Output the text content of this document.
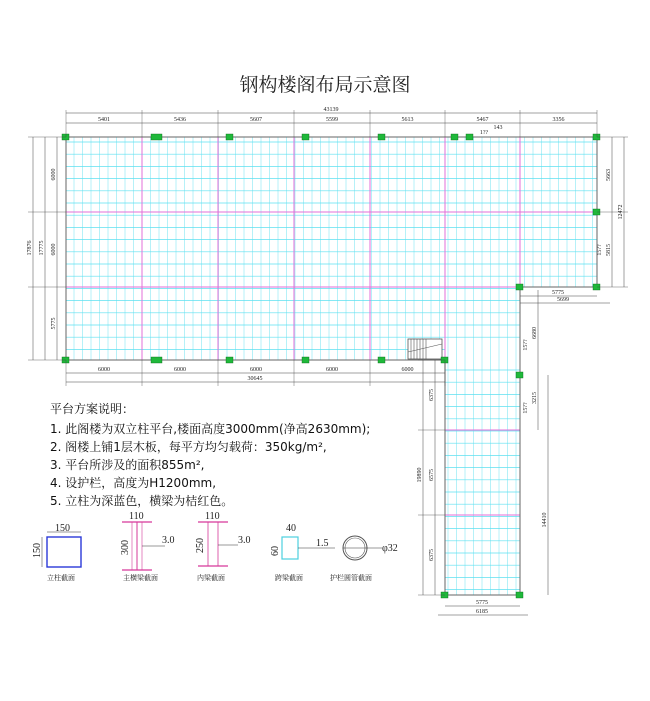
钢构楼阁布局示意图
43139
5401	5436	5607	5599	5613	5467	3356
143
1??
6000	6000	6000	6000	6000
30645
17876 17775
6000
6000
5775
5663
12472
5815
15??
5775
5699
6680
15??
3215
15??
14410
19890
6375
6575
6375
5775
6185
150
150
立柱截面
110
300	3.0
主横梁截面
110
250	3.0
内梁截面
40
60
1.5
跨梁截面
φ32
护栏圆管截面
平台方案说明：
1. 此阁楼为双立柱平台,楼面高度3000mm(净高2630mm);
2. 阁楼上铺1层木板，每平方均匀载荷：350kg/m²,
3. 平台所涉及的面积855m²,
4. 设护栏，高度为H1200mm,
5. 立柱为深蓝色，横梁为桔红色。
